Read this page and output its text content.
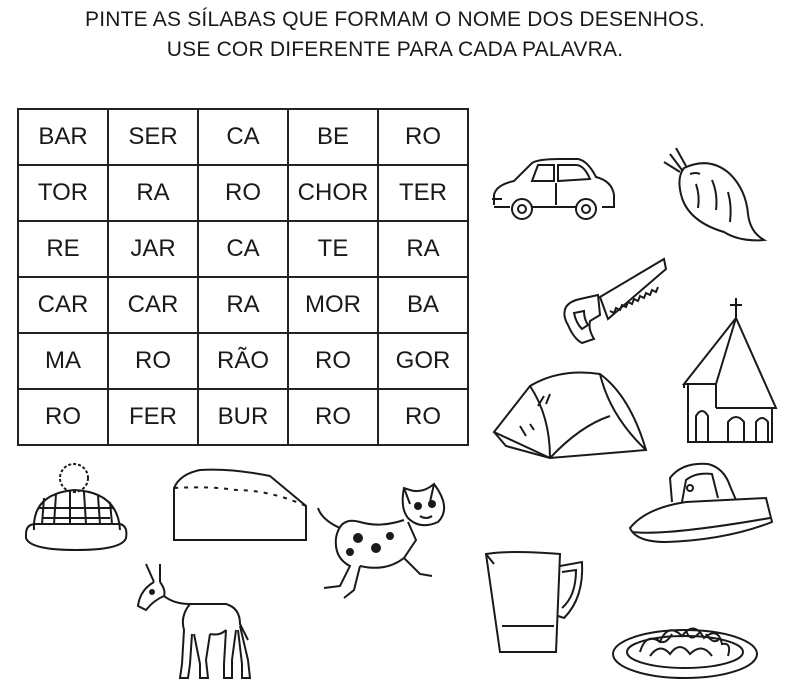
PINTE AS SÍLABAS QUE FORMAM O NOME DOS DESENHOS.
USE COR DIFERENTE PARA CADA PALAVRA.
BAR	SER	CA	BE	RO
TOR	RA	RO	CHOR	TER
RE	JAR	CA	TE	RA
CAR	CAR	RA	MOR	BA
MA	RO	RÃO	RO	GOR
RO	FER	BUR	RO	RO
